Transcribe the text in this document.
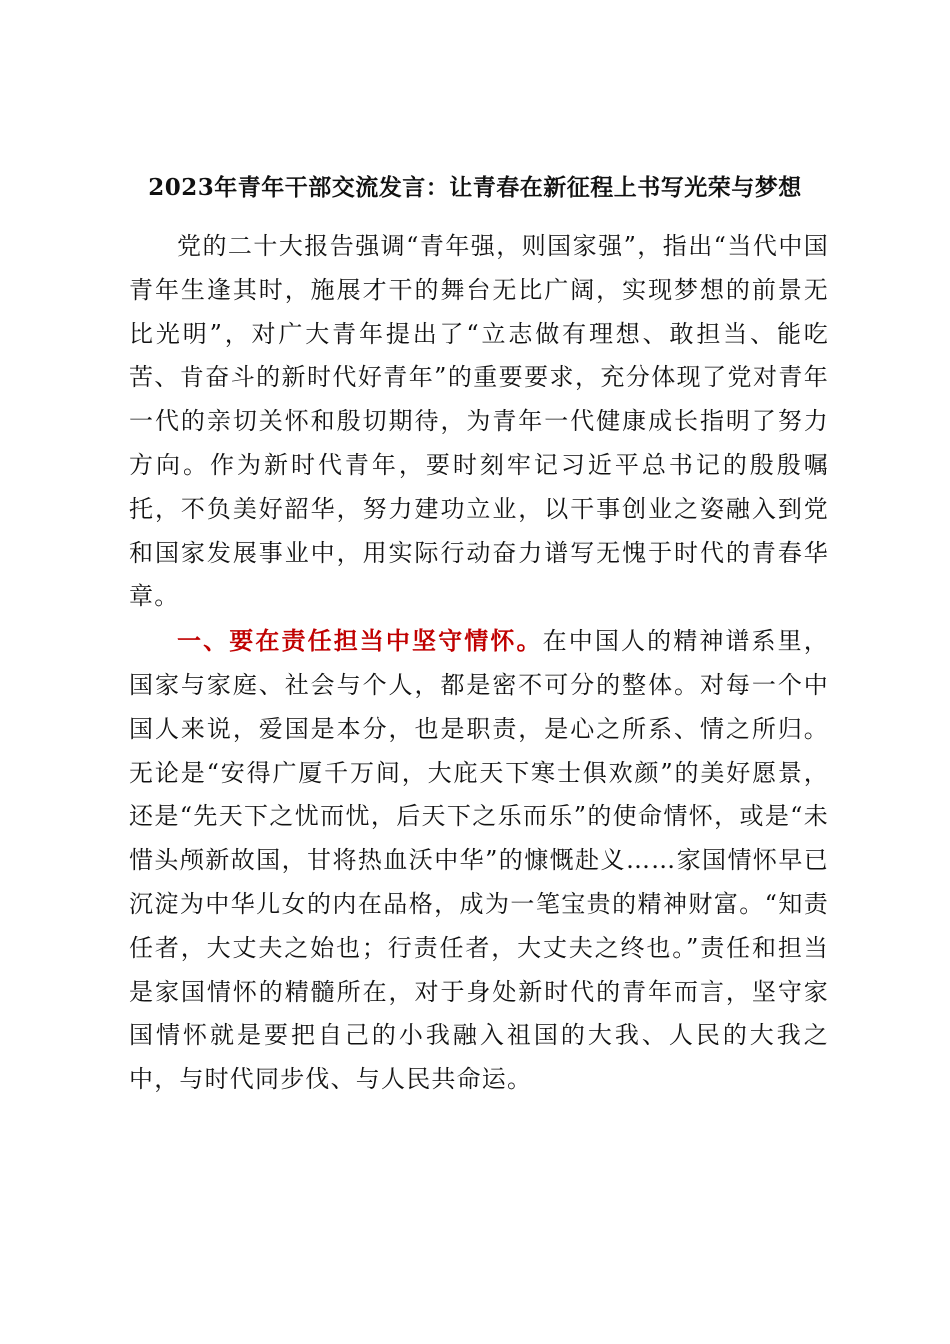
2023年青年干部交流发言：让青春在新征程上书写光荣与梦想

党的二十大报告强调“青年强，则国家强”，指出“当代中国青年生逢其时，施展才干的舞台无比广阔，实现梦想的前景无比光明”，对广大青年提出了“立志做有理想、敢担当、能吃苦、肯奋斗的新时代好青年”的重要要求，充分体现了党对青年一代的亲切关怀和殷切期待，为青年一代健康成长指明了努力方向。作为新时代青年，要时刻牢记习近平总书记的殷殷嘱托，不负美好韶华，努力建功立业，以干事创业之姿融入到党和国家发展事业中，用实际行动奋力谱写无愧于时代的青春华章。

一、要在责任担当中坚守情怀。在中国人的精神谱系里，国家与家庭、社会与个人，都是密不可分的整体。对每一个中国人来说，爱国是本分，也是职责，是心之所系、情之所归。无论是“安得广厦千万间，大庇天下寒士俱欢颜”的美好愿景，还是“先天下之忧而忧，后天下之乐而乐”的使命情怀，或是“未惜头颅新故国，甘将热血沃中华”的慷慨赴义……家国情怀早已沉淀为中华儿女的内在品格，成为一笔宝贵的精神财富。“知责任者，大丈夫之始也；行责任者，大丈夫之终也。”责任和担当是家国情怀的精髓所在，对于身处新时代的青年而言，坚守家国情怀就是要把自己的小我融入祖国的大我、人民的大我之中，与时代同步伐、与人民共命运。
